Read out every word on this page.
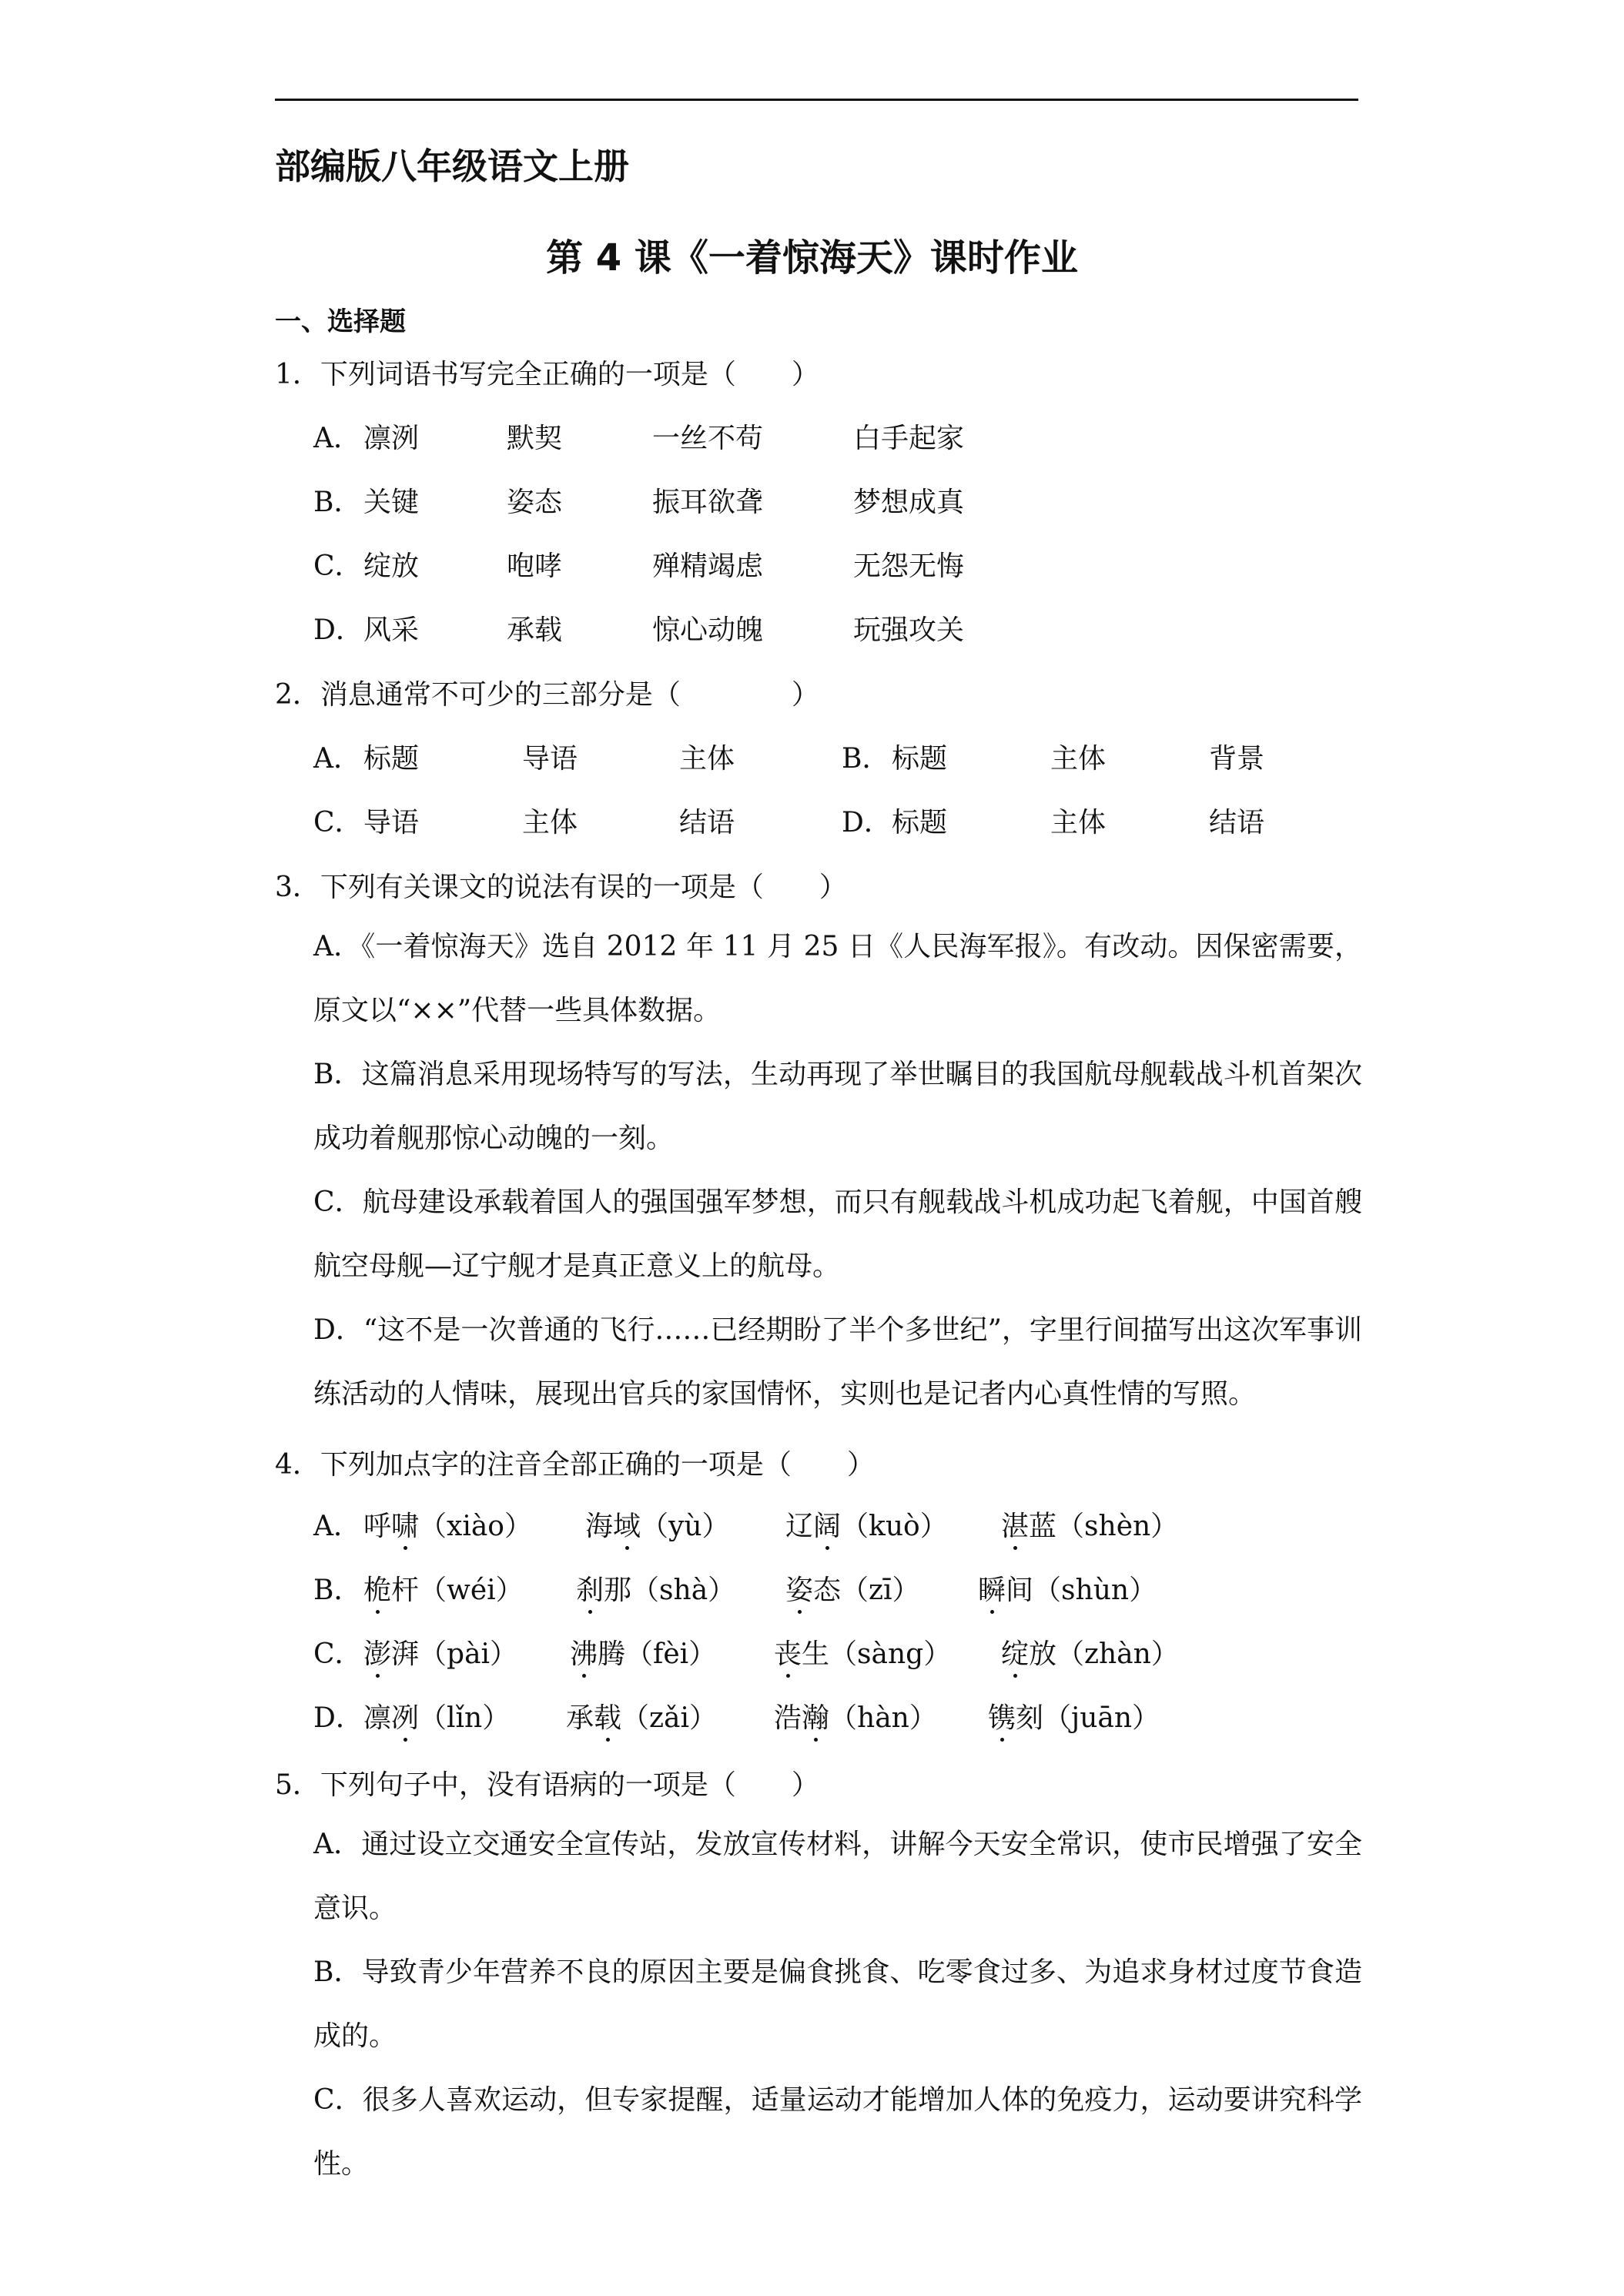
部编版八年级语文上册
第 4 课《一着惊海天》课时作业
一、选择题
1．下列词语书写完全正确的一项是（　　）
A． 凛洌	默契	一丝不苟	白手起家
B． 关键	姿态	振耳欲聋	梦想成真
C． 绽放	咆哮	殚精竭虑	无怨无悔
D． 风采	承载	惊心动魄	玩强攻关
2．消息通常不可少的三部分是（　　　　）
A． 标题	导语	主体	B． 标题	主体	背景
C． 导语	主体	结语	D． 标题	主体	结语
3．下列有关课文的说法有误的一项是（　　）
A．《一着惊海天》选自 2012 年 11 月 25 日《人民海军报》。有改动。因保密需要，原文以“××”代替一些具体数据。
B．这篇消息采用现场特写的写法，生动再现了举世瞩目的我国航母舰载战斗机首架次成功着舰那惊心动魄的一刻。
C．航母建设承载着国人的强国强军梦想，而只有舰载战斗机成功起飞着舰，中国首艘航空母舰—辽宁舰才是真正意义上的航母。
D．“这不是一次普通的飞行……已经期盼了半个多世纪”，字里行间描写出这次军事训练活动的人情味，展现出官兵的家国情怀，实则也是记者内心真性情的写照。
4．下列加点字的注音全部正确的一项是（　　）
A． 呼啸（xiào） 海域（yù） 辽阔（kuò） 湛蓝（shèn）
B． 桅杆（wéi） 刹那（shà） 姿态（zī） 瞬间（shùn）
C． 澎湃（pài） 沸腾（fèi） 丧生（sàng） 绽放（zhàn）
D． 凛冽（lǐn） 承载（zǎi） 浩瀚（hàn） 镌刻（juān）
5．下列句子中，没有语病的一项是（　　）
A．通过设立交通安全宣传站，发放宣传材料，讲解今天安全常识，使市民增强了安全意识。
B．导致青少年营养不良的原因主要是偏食挑食、吃零食过多、为追求身材过度节食造成的。
C．很多人喜欢运动，但专家提醒，适量运动才能增加人体的免疫力，运动要讲究科学性。
